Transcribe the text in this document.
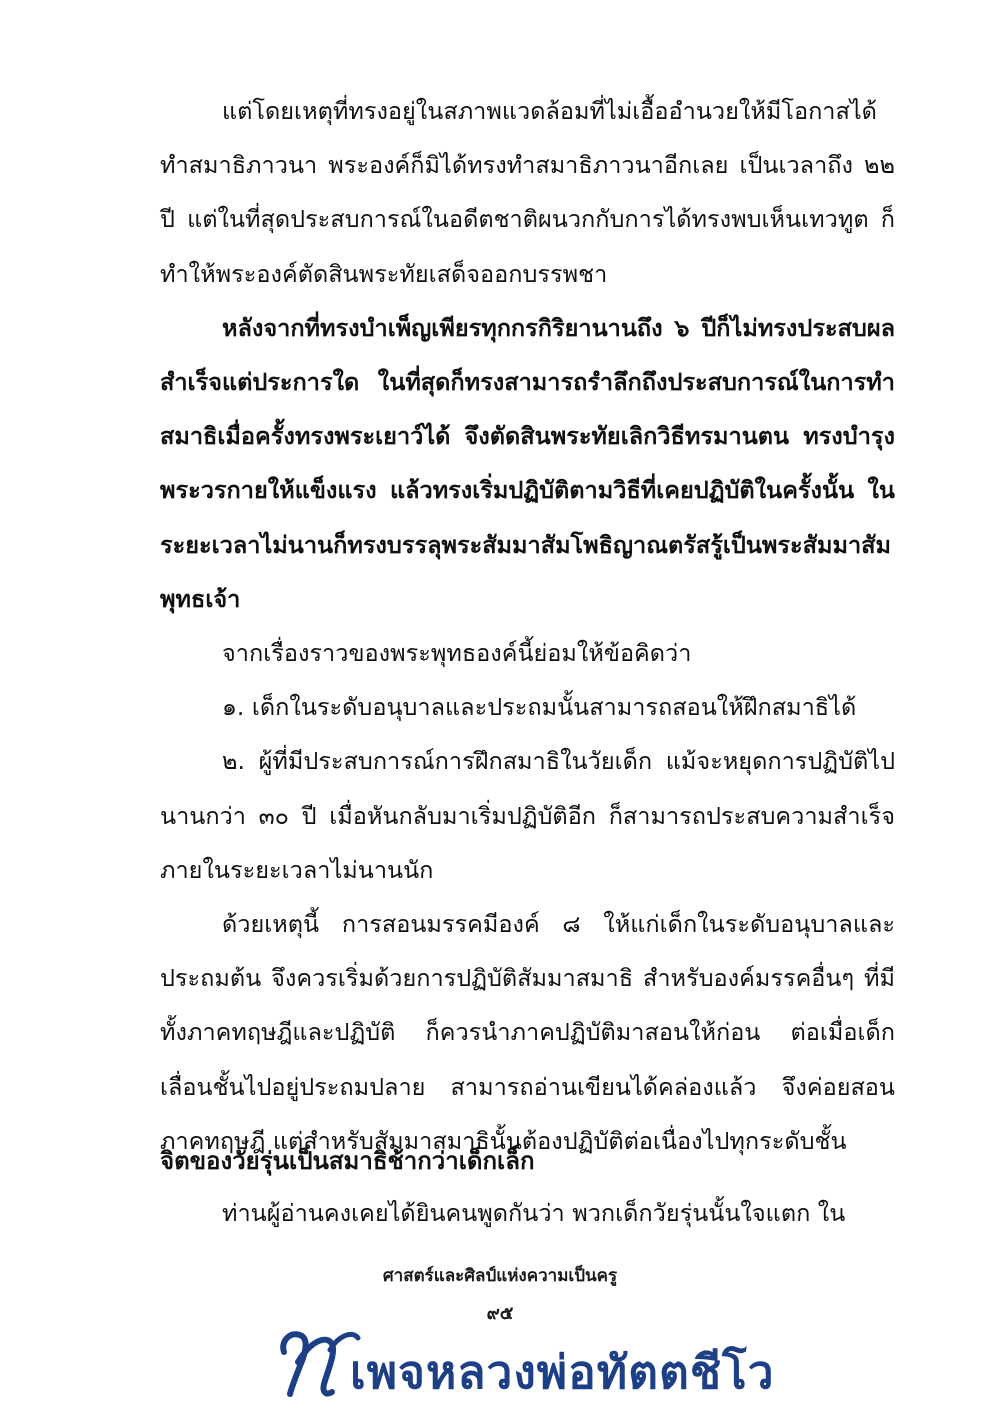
แต่โดยเหตุที่ทรงอยู่ในสภาพแวดล้อมที่ไม่เอื้ออำนวยให้มีโอกาสได้ทำสมาธิภาวนา พระองค์ก็มิได้ทรงทำสมาธิภาวนาอีกเลย เป็นเวลาถึง ๒๒ ปี แต่ในที่สุดประสบการณ์ในอดีตชาติผนวกกับการได้ทรงพบเห็นเทวทูต ก็ทำให้พระองค์ตัดสินพระทัยเสด็จออกบรรพชา

หลังจากที่ทรงบำเพ็ญเพียรทุกกรกิริยานานถึง ๖ ปีก็ไม่ทรงประสบผลสำเร็จแต่ประการใด ในที่สุดก็ทรงสามารถรำลึกถึงประสบการณ์ในการทำสมาธิเมื่อครั้งทรงพระเยาว์ได้ จึงตัดสินพระทัยเลิกวิธีทรมานตน ทรงบำรุงพระวรกายให้แข็งแรง แล้วทรงเริ่มปฏิบัติตามวิธีที่เคยปฏิบัติในครั้งนั้น ในระยะเวลาไม่นานก็ทรงบรรลุพระสัมมาสัมโพธิญาณตรัสรู้เป็นพระสัมมาสัมพุทธเจ้า

จากเรื่องราวของพระพุทธองค์นี้ย่อมให้ข้อคิดว่า

๑. เด็กในระดับอนุบาลและประถมนั้นสามารถสอนให้ฝึกสมาธิได้

๒. ผู้ที่มีประสบการณ์การฝึกสมาธิในวัยเด็ก แม้จะหยุดการปฏิบัติไปนานกว่า ๓๐ ปี เมื่อหันกลับมาเริ่มปฏิบัติอีก ก็สามารถประสบความสำเร็จภายในระยะเวลาไม่นานนัก

ด้วยเหตุนี้ การสอนมรรคมีองค์ ๘ ให้แก่เด็กในระดับอนุบาลและประถมต้น จึงควรเริ่มด้วยการปฏิบัติสัมมาสมาธิ สำหรับองค์มรรคอื่นๆ ที่มีทั้งภาคทฤษฎีและปฏิบัติ ก็ควรนำภาคปฏิบัติมาสอนให้ก่อน ต่อเมื่อเด็กเลื่อนชั้นไปอยู่ประถมปลาย สามารถอ่านเขียนได้คล่องแล้ว จึงค่อยสอนภาคทฤษฎี แต่สำหรับสัมมาสมาธินั้นต้องปฏิบัติต่อเนื่องไปทุกระดับชั้น

จิตของวัยรุ่นเป็นสมาธิช้ากว่าเด็กเล็ก

ท่านผู้อ่านคงเคยได้ยินคนพูดกันว่า พวกเด็กวัยรุ่นนั้นใจแตก ใน

ศาสตร์และศิลป์แห่งความเป็นครู
๙๕
เพจหลวงพ่อทัตตชีโว
